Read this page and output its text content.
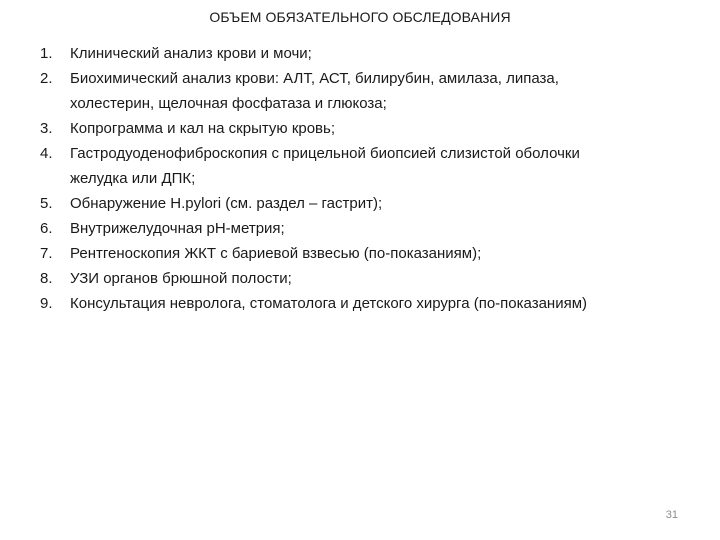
ОБЪЕМ ОБЯЗАТЕЛЬНОГО ОБСЛЕДОВАНИЯ
1.	Клинический анализ крови и мочи;
2.	Биохимический анализ крови: АЛТ, АСТ, билирубин, амилаза, липаза,
холестерин, щелочная фосфатаза и глюкоза;
3.	Копрограмма и кал на скрытую кровь;
4.	Гастродуоденофиброскопия с прицельной биопсией слизистой оболочки
желудка или ДПК;
5.	Обнаружение H.pylori (см. раздел – гастрит);
6.	Внутрижелудочная рН-метрия;
7.	Рентгеноскопия ЖКТ с бариевой взвесью (по-показаниям);
8.	УЗИ органов брюшной полости;
9.	Консультация невролога, стоматолога и детского хирурга (по-показаниям)
31
